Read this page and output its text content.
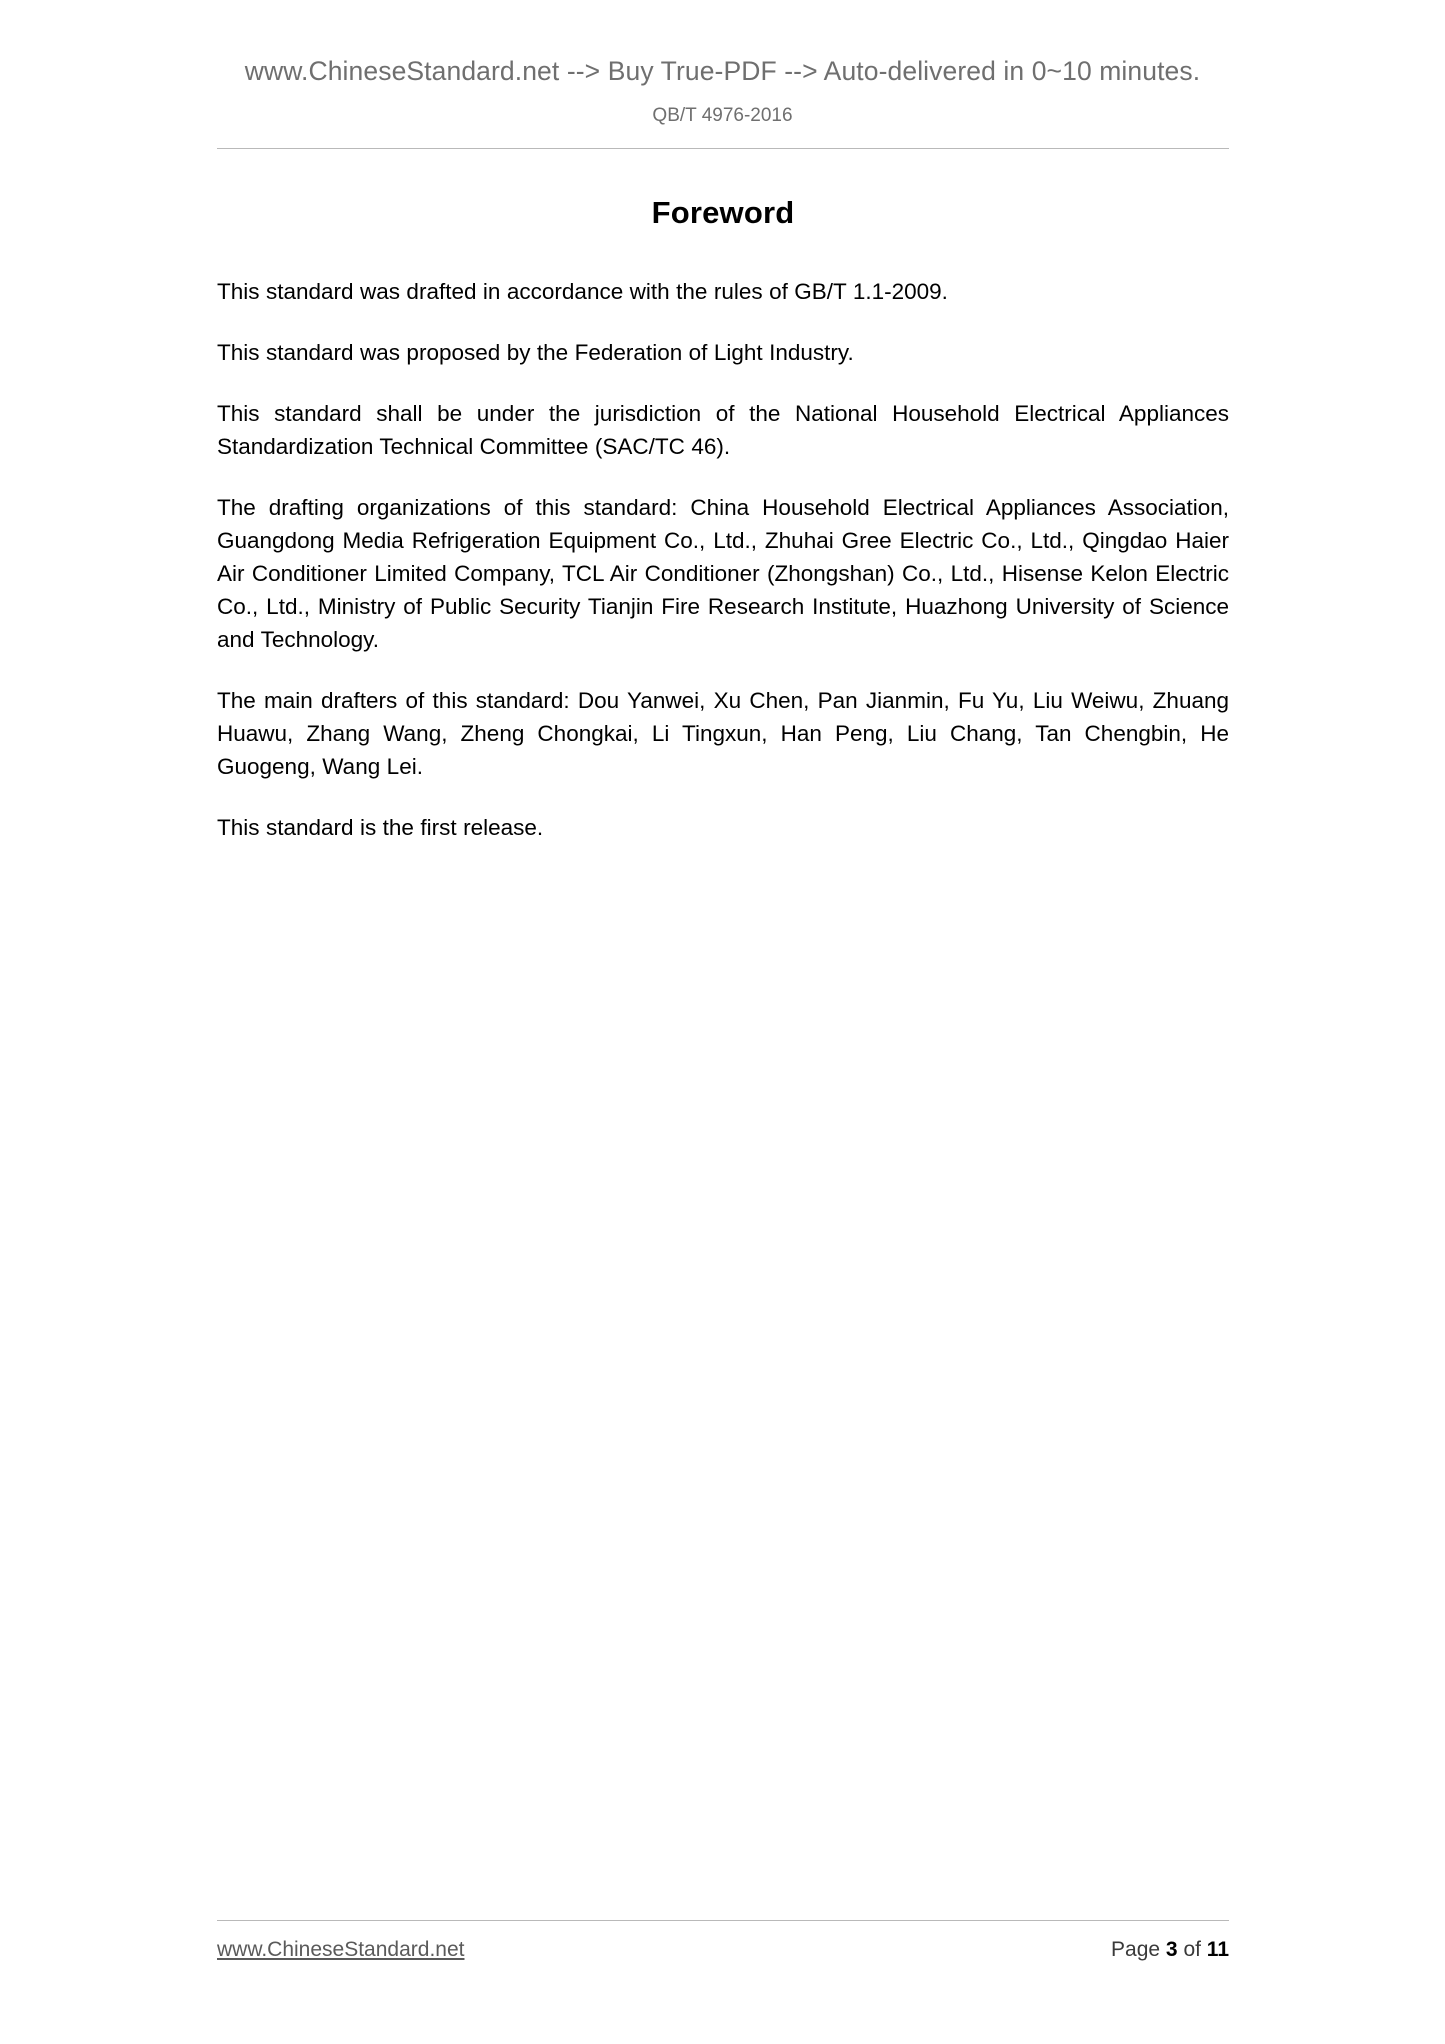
www.ChineseStandard.net --> Buy True-PDF --> Auto-delivered in 0~10 minutes.
QB/T 4976-2016
Foreword

This standard was drafted in accordance with the rules of GB/T 1.1-2009.

This standard was proposed by the Federation of Light Industry.

This standard shall be under the jurisdiction of the National Household Electrical Appliances Standardization Technical Committee (SAC/TC 46).

The drafting organizations of this standard: China Household Electrical Appliances Association, Guangdong Media Refrigeration Equipment Co., Ltd., Zhuhai Gree Electric Co., Ltd., Qingdao Haier Air Conditioner Limited Company, TCL Air Conditioner (Zhongshan) Co., Ltd., Hisense Kelon Electric Co., Ltd., Ministry of Public Security Tianjin Fire Research Institute, Huazhong University of Science and Technology.

The main drafters of this standard: Dou Yanwei, Xu Chen, Pan Jianmin, Fu Yu, Liu Weiwu, Zhuang Huawu, Zhang Wang, Zheng Chongkai, Li Tingxun, Han Peng, Liu Chang, Tan Chengbin, He Guogeng, Wang Lei.

This standard is the first release.

www.ChineseStandard.net	Page 3 of 11
